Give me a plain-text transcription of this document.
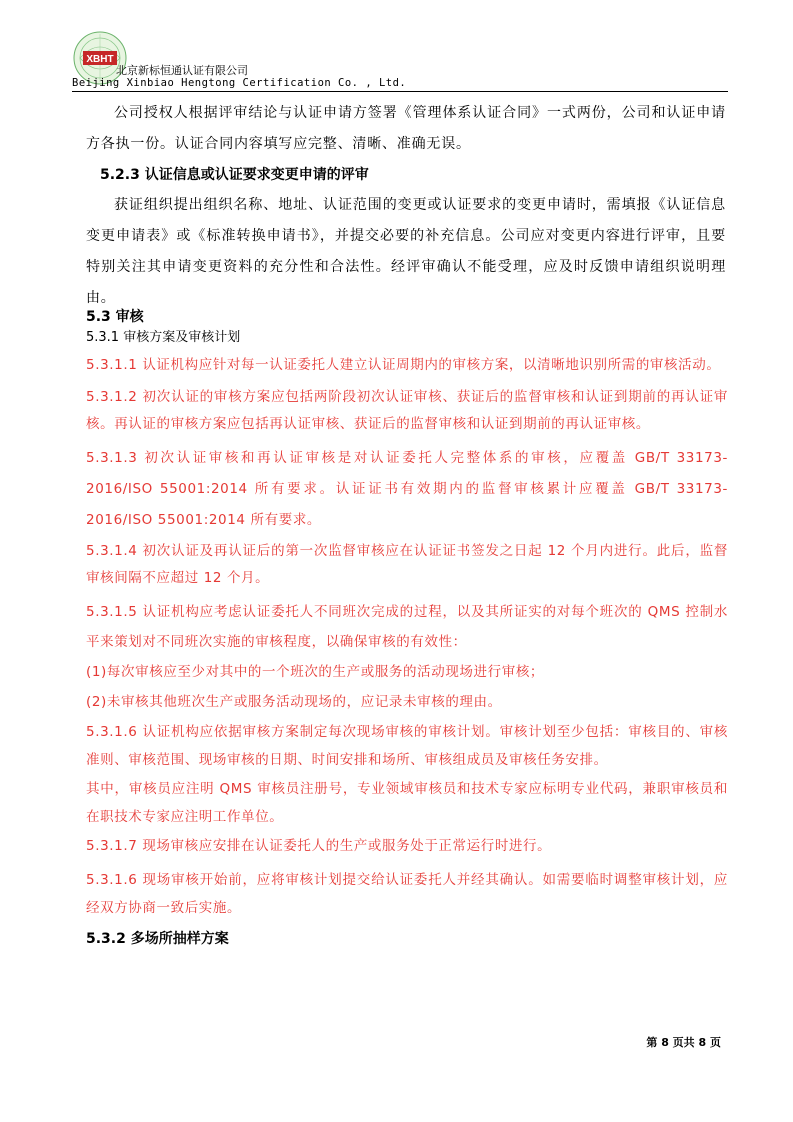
XBHT
北京新标恒通认证有限公司
Beijing Xinbiao Hengtong Certification Co. , Ltd.

公司授权人根据评审结论与认证申请方签署《管理体系认证合同》一式两份，公司和认证申请方各执一份。认证合同内容填写应完整、清晰、准确无误。

5.2.3 认证信息或认证要求变更申请的评审

获证组织提出组织名称、地址、认证范围的变更或认证要求的变更申请时，需填报《认证信息变更申请表》或《标准转换申请书》，并提交必要的补充信息。公司应对变更内容进行评审，且要特别关注其申请变更资料的充分性和合法性。经评审确认不能受理，应及时反馈申请组织说明理由。

5.3 审核

5.3.1 审核方案及审核计划

5.3.1.1 认证机构应针对每一认证委托人建立认证周期内的审核方案，以清晰地识别所需的审核活动。

5.3.1.2 初次认证的审核方案应包括两阶段初次认证审核、获证后的监督审核和认证到期前的再认证审核。再认证的审核方案应包括再认证审核、获证后的监督审核和认证到期前的再认证审核。

5.3.1.3 初次认证审核和再认证审核是对认证委托人完整体系的审核，应覆盖 GB/T 33173-2016/ISO 55001:2014 所有要求。认证证书有效期内的监督审核累计应覆盖 GB/T 33173-2016/ISO 55001:2014 所有要求。

5.3.1.4 初次认证及再认证后的第一次监督审核应在认证证书签发之日起 12 个月内进行。此后，监督审核间隔不应超过 12 个月。

5.3.1.5 认证机构应考虑认证委托人不同班次完成的过程，以及其所证实的对每个班次的 QMS 控制水平来策划对不同班次实施的审核程度，以确保审核的有效性：

(1)每次审核应至少对其中的一个班次的生产或服务的活动现场进行审核；

(2)未审核其他班次生产或服务活动现场的，应记录未审核的理由。

5.3.1.6 认证机构应依据审核方案制定每次现场审核的审核计划。审核计划至少包括：审核目的、审核准则、审核范围、现场审核的日期、时间安排和场所、审核组成员及审核任务安排。

其中，审核员应注明 QMS 审核员注册号，专业领域审核员和技术专家应标明专业代码，兼职审核员和在职技术专家应注明工作单位。

5.3.1.7 现场审核应安排在认证委托人的生产或服务处于正常运行时进行。

5.3.1.6 现场审核开始前，应将审核计划提交给认证委托人并经其确认。如需要临时调整审核计划，应经双方协商一致后实施。

5.3.2 多场所抽样方案

第 8 页共 8 页
